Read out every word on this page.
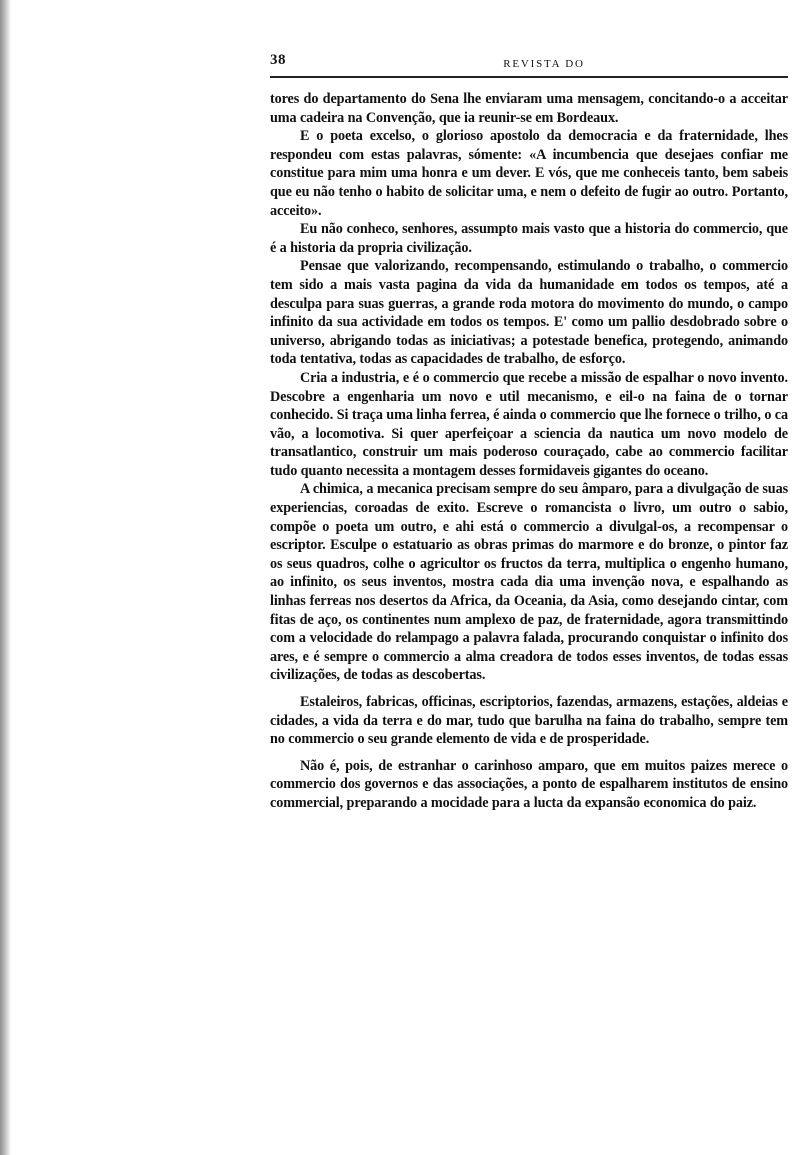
38	REVISTA DO

tores do departamento do Sena lhe enviaram uma mensagem, concitando-o a acceitar uma cadeira na Convenção, que ia reunir-se em Bordeaux.

E o poeta excelso, o glorioso apostolo da democracia e da fraternidade, lhes respondeu com estas palavras, sómente: «A incumbencia que desejaes confiar me constitue para mim uma honra e um dever. E vós, que me conheceis tanto, bem sabeis que eu não tenho o habito de solicitar uma, e nem o defeito de fugir ao outro. Portanto, acceito».

Eu não conheco, senhores, assumpto mais vasto que a historia do commercio, que é a historia da propria civilização.

Pensae que valorizando, recompensando, estimulando o trabalho, o commercio tem sido a mais vasta pagina da vida da humanidade em todos os tempos, até a desculpa para suas guerras, a grande roda motora do movimento do mundo, o campo infinito da sua actividade em todos os tempos. E' como um pallio desdobrado sobre o universo, abrigando todas as iniciativas; a potestade benefica, protegendo, animando toda tentativa, todas as capacidades de trabalho, de esforço.

Cria a industria, e é o commercio que recebe a missão de espalhar o novo invento. Descobre a engenharia um novo e util mecanismo, e eil-o na faina de o tornar conhecido. Si traça uma linha ferrea, é ainda o commercio que lhe fornece o trilho, o ca vão, a locomotiva. Si quer aperfeiçoar a sciencia da nautica um novo modelo de transatlantico, construir um mais poderoso couraçado, cabe ao commercio facilitar tudo quanto necessita a montagem desses formidaveis gigantes do oceano.

A chimica, a mecanica precisam sempre do seu âmparo, para a divulgação de suas experiencias, coroadas de exito. Escreve o romancista o livro, um outro o sabio, compõe o poeta um outro, e ahi está o commercio a divulgal-os, a recompensar o escriptor. Esculpe o estatuario as obras primas do marmore e do bronze, o pintor faz os seus quadros, colhe o agricultor os fructos da terra, multiplica o engenho humano, ao infinito, os seus inventos, mostra cada dia uma invenção nova, e espalhando as linhas ferreas nos desertos da Africa, da Oceania, da Asia, como desejando cintar, com fitas de aço, os continentes num amplexo de paz, de fraternidade, agora transmittindo com a velocidade do relampago a palavra falada, procurando conquistar o infinito dos ares, e é sempre o commercio a alma creadora de todos esses inventos, de todas essas civilizações, de todas as descobertas.

Estaleiros, fabricas, officinas, escriptorios, fazendas, armazens, estações, aldeias e cidades, a vida da terra e do mar, tudo que barulha na faina do trabalho, sempre tem no commercio o seu grande elemento de vida e de prosperidade.

Não é, pois, de estranhar o carinhoso amparo, que em muitos paizes merece o commercio dos governos e das associações, a ponto de espalharem institutos de ensino commercial, preparando a mocidade para a lucta da expansão economica do paiz.
